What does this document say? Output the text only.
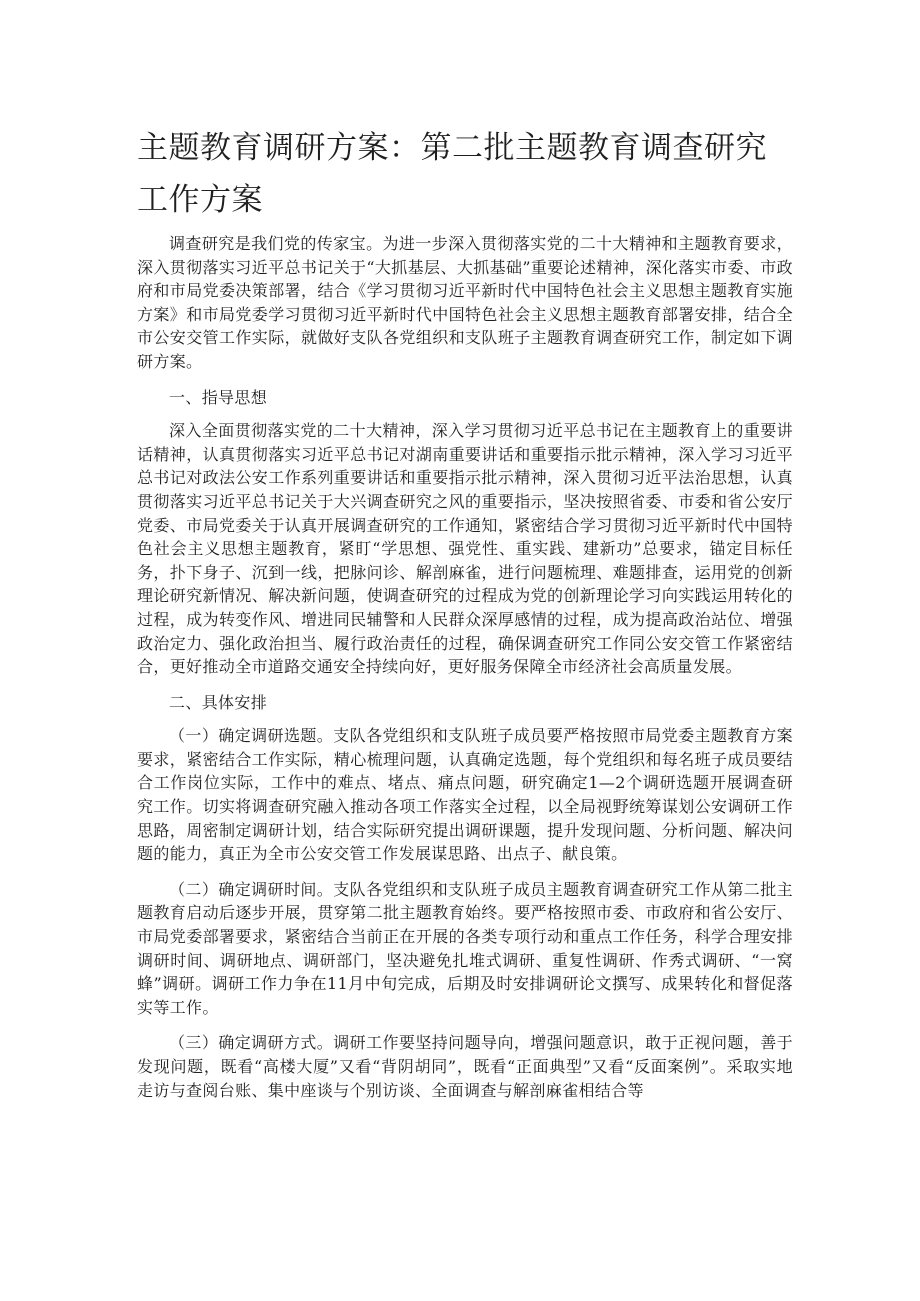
主题教育调研方案：第二批主题教育调查研究工作方案

调查研究是我们党的传家宝。为进一步深入贯彻落实党的二十大精神和主题教育要求，深入贯彻落实习近平总书记关于“大抓基层、大抓基础”重要论述精神，深化落实市委、市政府和市局党委决策部署，结合《学习贯彻习近平新时代中国特色社会主义思想主题教育实施方案》和市局党委学习贯彻习近平新时代中国特色社会主义思想主题教育部署安排，结合全市公安交管工作实际，就做好支队各党组织和支队班子主题教育调查研究工作，制定如下调研方案。

一、指导思想

深入全面贯彻落实党的二十大精神，深入学习贯彻习近平总书记在主题教育上的重要讲话精神，认真贯彻落实习近平总书记对湖南重要讲话和重要指示批示精神，深入学习习近平总书记对政法公安工作系列重要讲话和重要指示批示精神，深入贯彻习近平法治思想，认真贯彻落实习近平总书记关于大兴调查研究之风的重要指示，坚决按照省委、市委和省公安厅党委、市局党委关于认真开展调查研究的工作通知，紧密结合学习贯彻习近平新时代中国特色社会主义思想主题教育，紧盯“学思想、强党性、重实践、建新功”总要求，锚定目标任务，扑下身子、沉到一线，把脉问诊、解剖麻雀，进行问题梳理、难题排查，运用党的创新理论研究新情况、解决新问题，使调查研究的过程成为党的创新理论学习向实践运用转化的过程，成为转变作风、增进同民辅警和人民群众深厚感情的过程，成为提高政治站位、增强政治定力、强化政治担当、履行政治责任的过程，确保调查研究工作同公安交管工作紧密结合，更好推动全市道路交通安全持续向好，更好服务保障全市经济社会高质量发展。

二、具体安排

（一）确定调研选题。支队各党组织和支队班子成员要严格按照市局党委主题教育方案要求，紧密结合工作实际，精心梳理问题，认真确定选题，每个党组织和每名班子成员要结合工作岗位实际，工作中的难点、堵点、痛点问题，研究确定1—2个调研选题开展调查研究工作。切实将调查研究融入推动各项工作落实全过程，以全局视野统筹谋划公安调研工作思路，周密制定调研计划，结合实际研究提出调研课题，提升发现问题、分析问题、解决问题的能力，真正为全市公安交管工作发展谋思路、出点子、献良策。

（二）确定调研时间。支队各党组织和支队班子成员主题教育调查研究工作从第二批主题教育启动后逐步开展，贯穿第二批主题教育始终。要严格按照市委、市政府和省公安厅、市局党委部署要求，紧密结合当前正在开展的各类专项行动和重点工作任务，科学合理安排调研时间、调研地点、调研部门，坚决避免扎堆式调研、重复性调研、作秀式调研、“一窝蜂”调研。调研工作力争在11月中旬完成，后期及时安排调研论文撰写、成果转化和督促落实等工作。

（三）确定调研方式。调研工作要坚持问题导向，增强问题意识，敢于正视问题，善于发现问题，既看“高楼大厦”又看“背阴胡同”，既看“正面典型”又看“反面案例”。采取实地走访与查阅台账、集中座谈与个别访谈、全面调查与解剖麻雀相结合等
